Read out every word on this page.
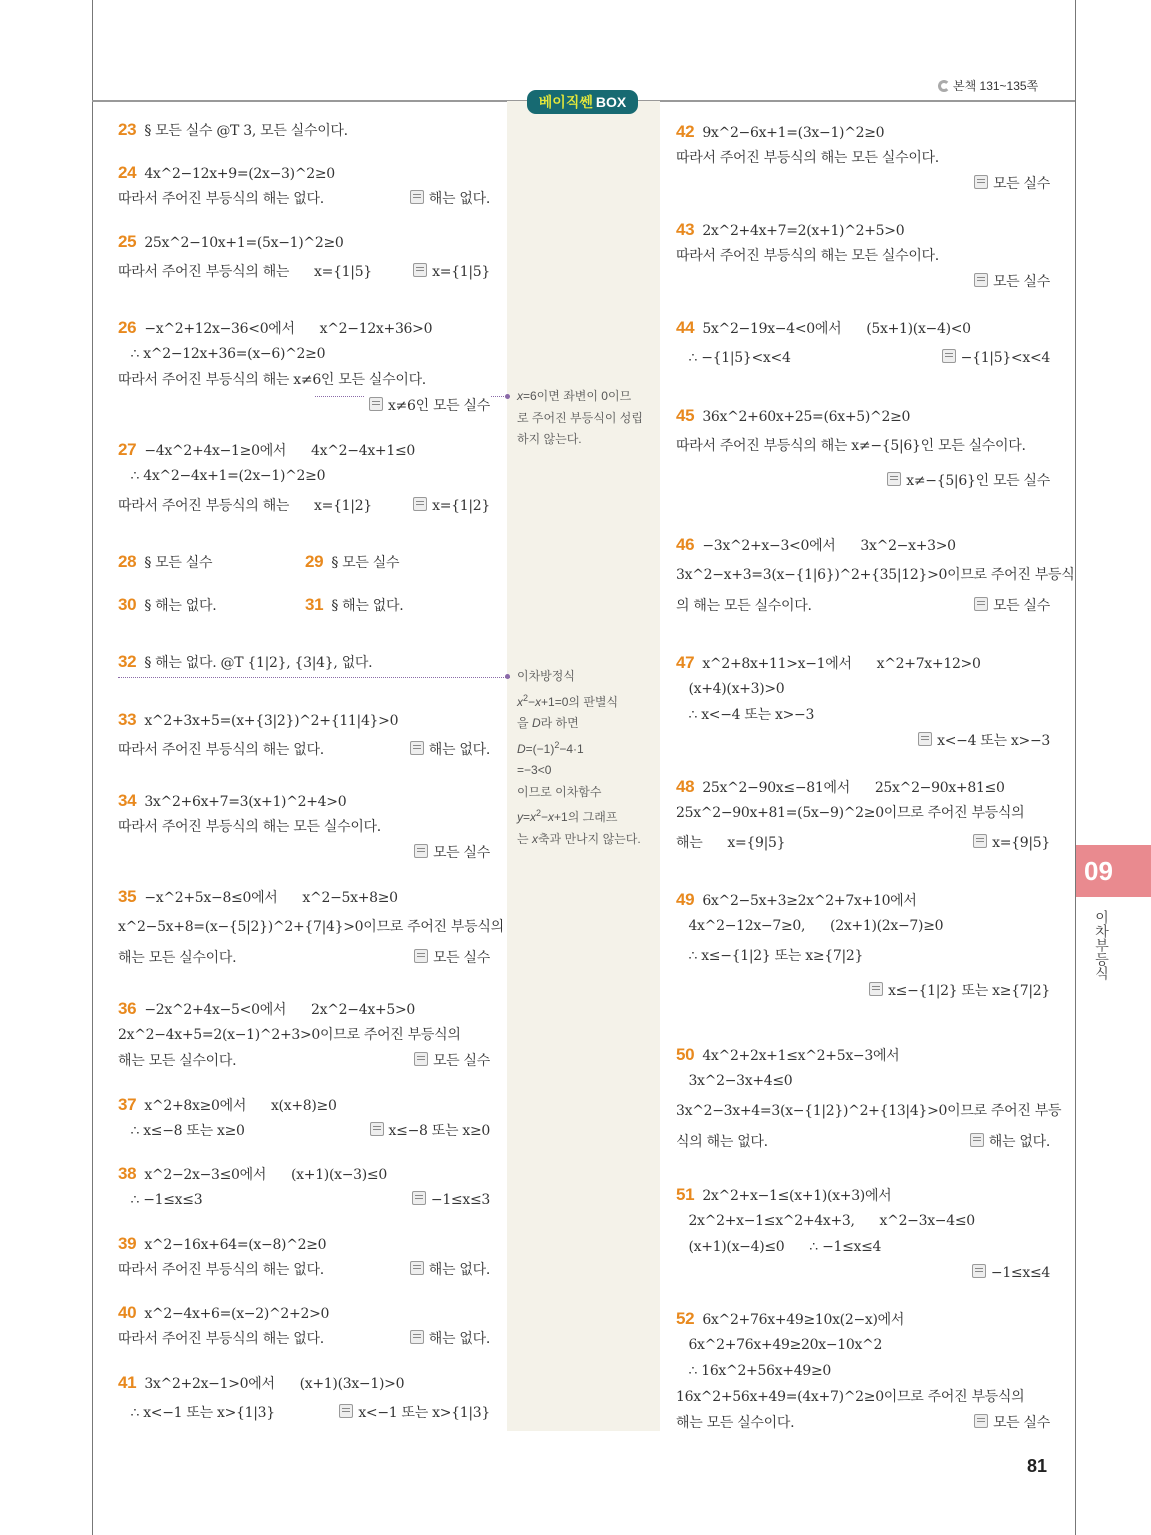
베이직쎈 BOX
본책 131~135쪽
x=6이면 좌변이 0이므
로 주어진 부등식이 성립
하지 않는다.
이차방정식
$x^2-x+1=0$의 판별식
을 D라 하면
$D=(-1)^2-4\cdot 1$
=−3<0
이므로 이차함수
$y=x^2-x+1$의 그래프
는 x축과 만나지 않는다.
23 § 모든 실수 @T 3, 모든 실수이다.
24 4x^2−12x+9=(2x−3)^2≥0
따라서 주어진 부등식의 해는 없다.	해는 없다.
25 25x^2−10x+1=(5x−1)^2≥0
따라서 주어진 부등식의 해는      x={1|5}	x={1|5}
26 −x^2+12x−36<0에서      x^2−12x+36>0
	∴ x^2−12x+36=(x−6)^2≥0
따라서 주어진 부등식의 해는 x≠6인 모든 실수이다.
x≠6인 모든 실수
27 −4x^2+4x−1≥0에서      4x^2−4x+1≤0
	∴ 4x^2−4x+1=(2x−1)^2≥0
따라서 주어진 부등식의 해는      x={1|2}	x={1|2}
28 § 모든 실수	29 § 모든 실수
30 § 해는 없다.	31 § 해는 없다.
32 § 해는 없다. @T {1|2}, {3|4}, 없다.
33 x^2+3x+5=(x+{3|2})^2+{11|4}>0
따라서 주어진 부등식의 해는 없다.	해는 없다.
34 3x^2+6x+7=3(x+1)^2+4>0
따라서 주어진 부등식의 해는 모든 실수이다.
모든 실수
35 −x^2+5x−8≤0에서      x^2−5x+8≥0
x^2−5x+8=(x−{5|2})^2+{7|4}>0이므로 주어진 부등식의
해는 모든 실수이다.	모든 실수
36 −2x^2+4x−5<0에서      2x^2−4x+5>0
2x^2−4x+5=2(x−1)^2+3>0이므로 주어진 부등식의
해는 모든 실수이다.	모든 실수
37 x^2+8x≥0에서      x(x+8)≥0
	∴ x≤−8 또는 x≥0	x≤−8 또는 x≥0
38 x^2−2x−3≤0에서      (x+1)(x−3)≤0
	∴ −1≤x≤3	−1≤x≤3
39 x^2−16x+64=(x−8)^2≥0
따라서 주어진 부등식의 해는 없다.	해는 없다.
40 x^2−4x+6=(x−2)^2+2>0
따라서 주어진 부등식의 해는 없다.	해는 없다.
41 3x^2+2x−1>0에서      (x+1)(3x−1)>0
	∴ x<−1 또는 x>{1|3}	x<−1 또는 x>{1|3}
42 9x^2−6x+1=(3x−1)^2≥0
따라서 주어진 부등식의 해는 모든 실수이다.
모든 실수
43 2x^2+4x+7=2(x+1)^2+5>0
따라서 주어진 부등식의 해는 모든 실수이다.
모든 실수
44 5x^2−19x−4<0에서      (5x+1)(x−4)<0
	∴ −{1|5}<x<4	−{1|5}<x<4
45 36x^2+60x+25=(6x+5)^2≥0
따라서 주어진 부등식의 해는 x≠−{5|6}인 모든 실수이다.
x≠−{5|6}인 모든 실수
46 −3x^2+x−3<0에서      3x^2−x+3>0
3x^2−x+3=3(x−{1|6})^2+{35|12}>0이므로 주어진 부등식
의 해는 모든 실수이다.	모든 실수
47 x^2+8x+11>x−1에서      x^2+7x+12>0
	(x+4)(x+3)>0
	∴ x<−4 또는 x>−3
x<−4 또는 x>−3
48 25x^2−90x≤−81에서      25x^2−90x+81≤0
25x^2−90x+81=(5x−9)^2≥0이므로 주어진 부등식의
해는      x={9|5}	x={9|5}
49 6x^2−5x+3≥2x^2+7x+10에서
	4x^2−12x−7≥0,      (2x+1)(2x−7)≥0
	∴ x≤−{1|2} 또는 x≥{7|2}
x≤−{1|2} 또는 x≥{7|2}
50 4x^2+2x+1≤x^2+5x−3에서
	3x^2−3x+4≤0
3x^2−3x+4=3(x−{1|2})^2+{13|4}>0이므로 주어진 부등
식의 해는 없다.	해는 없다.
51 2x^2+x−1≤(x+1)(x+3)에서
	2x^2+x−1≤x^2+4x+3,      x^2−3x−4≤0
	(x+1)(x−4)≤0      ∴ −1≤x≤4
−1≤x≤4
52 6x^2+76x+49≥10x(2−x)에서
	6x^2+76x+49≥20x−10x^2
	∴ 16x^2+56x+49≥0
16x^2+56x+49=(4x+7)^2≥0이므로 주어진 부등식의
해는 모든 실수이다.	모든 실수
09
이차부등식
81
